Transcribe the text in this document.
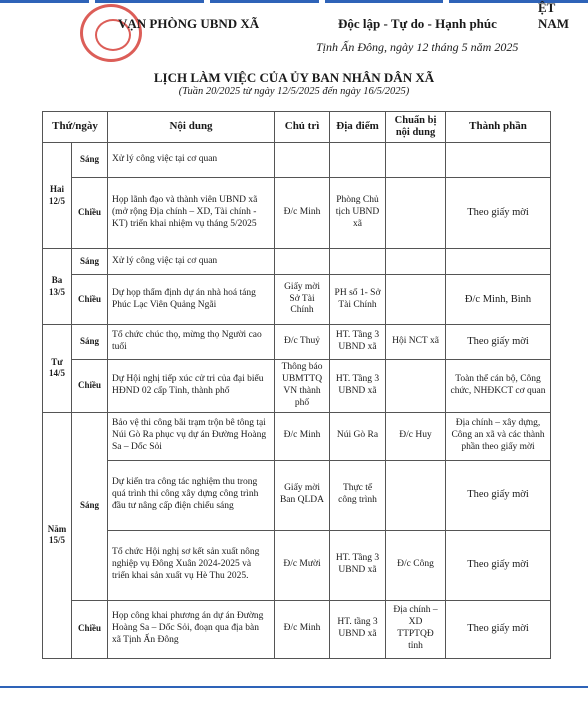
VẠN PHÒNG UBND XÃ
ỆT NAM
Độc lập - Tự do - Hạnh phúc
Tịnh Ấn Đông, ngày 12 tháng 5 năm 2025
LỊCH LÀM VIỆC CỦA ỦY BAN NHÂN DÂN XÃ
(Tuần 20/2025 từ ngày 12/5/2025 đến ngày 16/5/2025)
Thứ/ngày		Nội dung	Chủ trì	Địa điểm	Chuẩn bị nội dung	Thành phần

Hai
12/5	Sáng	Xử lý công việc tại cơ quan				
	Chiều	Họp lãnh đạo và thành viên UBND xã (mở rộng Địa chính – XD, Tài chính - KT) triển khai nhiệm vụ tháng 5/2025	Đ/c Minh	Phòng Chủ tịch UBND xã		Theo giấy mời

Ba
13/5	Sáng	Xử lý công việc tại cơ quan				
	Chiều	Dự họp thẩm định dự án nhà hoá táng Phúc Lạc Viên Quảng Ngãi	Giấy mời Sở Tài Chính	PH số 1- Sở Tài Chính		Đ/c Minh, Bình

Tư
14/5	Sáng	Tổ chức chúc thọ, mừng thọ Người cao tuổi	Đ/c Thuỷ	HT. Tầng 3 UBND xã	Hội NCT xã	Theo giấy mời
	Chiều	Dự Hội nghị tiếp xúc cử tri của đại biểu HĐND 02 cấp Tỉnh, thành phố	Thông báo UBMTTQ VN thành phố	HT. Tầng 3 UBND xã		Toàn thể cán bộ, Công chức, NHĐKCT cơ quan

Năm
15/5	Sáng	Bảo vệ thi công bãi trạm trộn bê tông tại Núi Gò Ra phục vụ dự án Đường Hoàng Sa – Dốc Sỏi	Đ/c Minh	Núi Gò Ra	Đ/c Huy	Địa chính – xây dựng, Công an xã và các thành phần theo giấy mời
		Dự kiến tra công tác nghiệm thu trong quá trình thi công xây dựng công trình đầu tư nâng cấp điện chiếu sáng	Giấy mời Ban QLDA	Thực tế công trình		Theo giấy mời
		Tổ chức Hội nghị sơ kết sản xuất nông nghiệp vụ Đông Xuân 2024-2025 và triển khai sản xuất vụ Hè Thu 2025.	Đ/c Mười	HT. Tầng 3 UBND xã	Đ/c Công	Theo giấy mời
	Chiều	Họp công khai phương án dự án Đường Hoàng Sa – Dốc Sỏi, đoạn qua địa bàn xã Tịnh Ấn Đông	Đ/c Minh	HT. tầng 3 UBND xã	Địa chính – XD TTPTQĐ tỉnh	Theo giấy mời
